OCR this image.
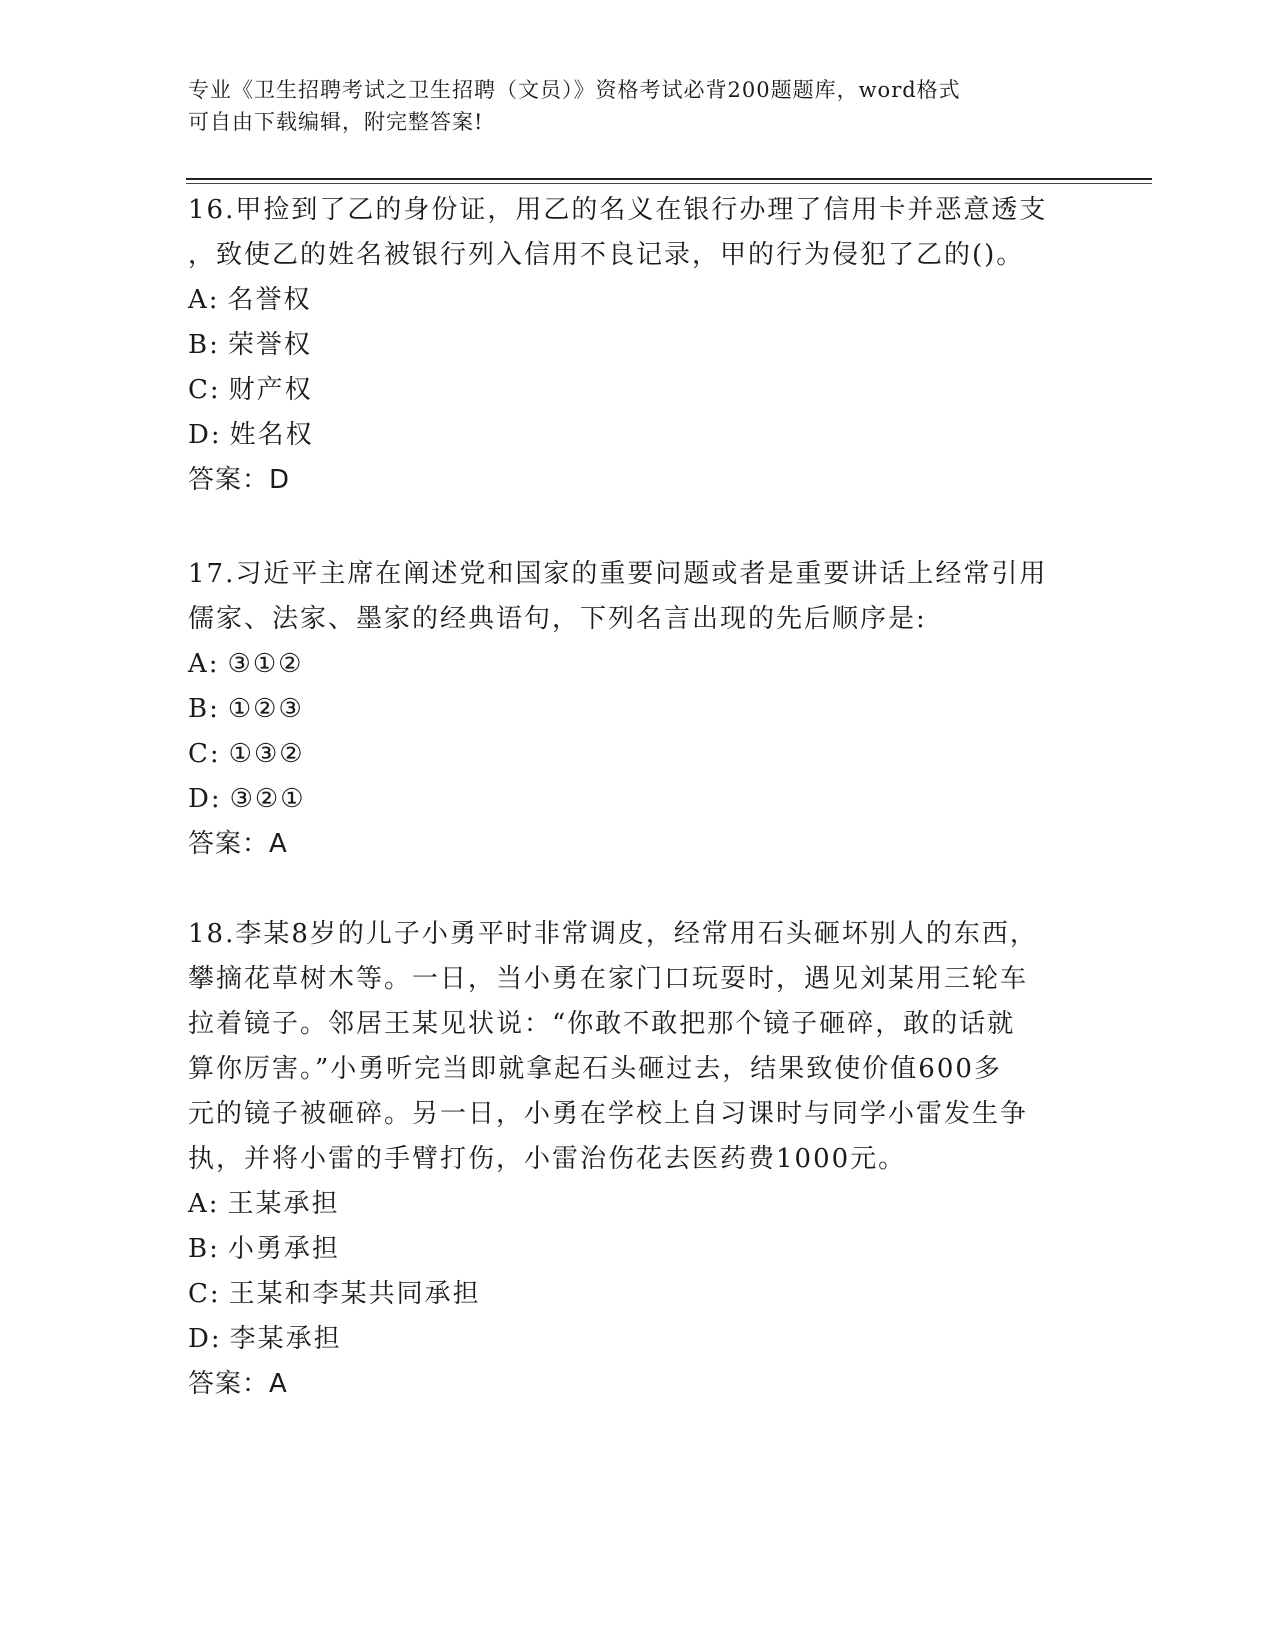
专业《卫生招聘考试之卫生招聘（文员）》资格考试必背200题题库，word格式
可自由下载编辑，附完整答案!
16.甲捡到了乙的身份证，用乙的名义在银行办理了信用卡并恶意透支
，致使乙的姓名被银行列入信用不良记录，甲的行为侵犯了乙的()。
A: 名誉权
B: 荣誉权
C: 财产权
D: 姓名权
答案：D
17.习近平主席在阐述党和国家的重要问题或者是重要讲话上经常引用
儒家、法家、墨家的经典语句，下列名言出现的先后顺序是:
A: ③①②
B: ①②③
C: ①③②
D: ③②①
答案：A
18.李某8岁的儿子小勇平时非常调皮，经常用石头砸坏别人的东西，
攀摘花草树木等。一日，当小勇在家门口玩耍时，遇见刘某用三轮车
拉着镜子。邻居王某见状说：“你敢不敢把那个镜子砸碎，敢的话就
算你厉害。”小勇听完当即就拿起石头砸过去，结果致使价值600多
元的镜子被砸碎。另一日，小勇在学校上自习课时与同学小雷发生争
执，并将小雷的手臂打伤，小雷治伤花去医药费1000元。
A: 王某承担
B: 小勇承担
C: 王某和李某共同承担
D: 李某承担
答案：A
